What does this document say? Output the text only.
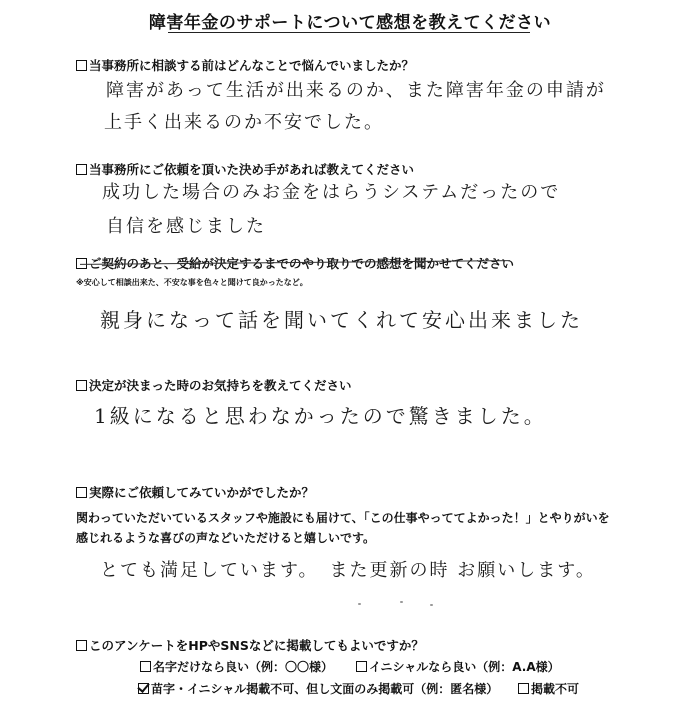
障害年金のサポートについて感想を教えてください
当事務所に相談する前はどんなことで悩んでいましたか？
障害があって生活が出来るのか、また障害年金の申請が
上手く出来るのか不安でした。
当事務所にご依頼を頂いた決め手があれば教えてください
成功した場合のみお金をはらうシステムだったので
自信を感じました
ご契約のあと、受給が決定するまでのやり取りでの感想を聞かせてください
※安心して相談出来た、不安な事を色々と聞けて良かったなど。
親身になって話を聞いてくれて安心出来ました
決定が決まった時のお気持ちを教えてください
1級になると思わなかったので驚きました。
実際にご依頼してみていかがでしたか？
関わっていただいているスタッフや施設にも届けて、「この仕事やっててよかった！」とやりがいを
感じれるような喜びの声などいただけると嬉しいです。
とても満足しています。　また更新の時 お願いします。
このアンケートをHPやSNSなどに掲載してもよいですか？
名字だけなら良い（例：〇〇様）	イニシャルなら良い（例：A.A様）
苗字・イニシャル掲載不可、但し文面のみ掲載可（例：匿名様）	掲載不可
